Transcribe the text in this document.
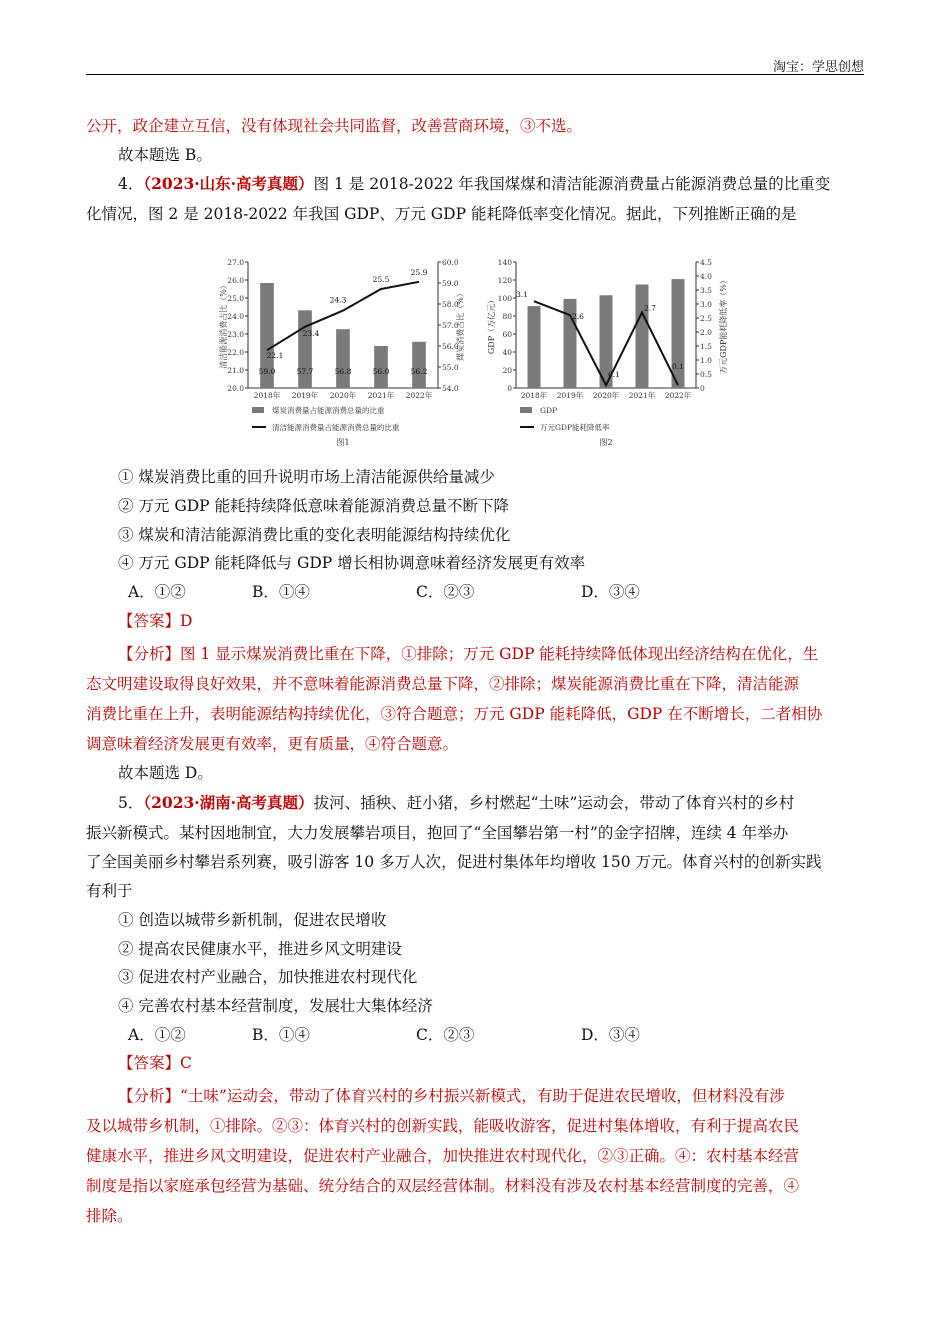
淘宝：学思创想
公开，政企建立互信，没有体现社会共同监督，改善营商环境，③不选。
故本题选 B。
4．（2023·山东·高考真题）图 1 是 2018-2022 年我国煤煤和清洁能源消费量占能源消费总量的比重变
化情况，图 2 是 2018-2022 年我国 GDP、万元 GDP 能耗降低率变化情况。据此，下列推断正确的是
20.0
21.0
22.0
23.0
24.0
25.0
26.0
27.0
54.0
55.0
56.0
57.0
58.0
59.0
60.0
清洁能源消费占比（%）	煤炭消费占比（%）
2018年 2019年 2020年 2021年 2022年
59.0	57.7	56.8	56.0	56.2
22.1
23.4
24.3
25.5
25.9
煤炭消费量占能源消费总量的比重
清洁能源消费量占能源消费总量的比重
图1
0
20
40
60
80
100
120
140
0
0.5
1.0
1.5
2.0
2.5
3.0
3.5
4.0
4.5
GDP（万亿元）	万元GDP能耗降低率（%）
2018年 2019年 2020年 2021年 2022年
3.1
2.6
0.1
2.7
0.1
GDP
万元GDP能耗降低率
图2
① 煤炭消费比重的回升说明市场上清洁能源供给量减少
② 万元 GDP 能耗持续降低意味着能源消费总量不断下降
③ 煤炭和清洁能源消费比重的变化表明能源结构持续优化
④ 万元 GDP 能耗降低与 GDP 增长相协调意味着经济发展更有效率
A．①②	B．①④	C．②③	D．③④
【答案】D
【分析】图 1 显示煤炭消费比重在下降，①排除；万元 GDP 能耗持续降低体现出经济结构在优化，生
态文明建设取得良好效果，并不意味着能源消费总量下降，②排除；煤炭能源消费比重在下降，清洁能源
消费比重在上升，表明能源结构持续优化，③符合题意；万元 GDP 能耗降低，GDP 在不断增长，二者相协
调意味着经济发展更有效率，更有质量，④符合题意。
故本题选 D。
5．（2023·湖南·高考真题）拔河、插秧、赶小猪，乡村燃起“土味”运动会，带动了体育兴村的乡村
振兴新模式。某村因地制宜，大力发展攀岩项目，抱回了“全国攀岩第一村”的金字招牌，连续 4 年举办
了全国美丽乡村攀岩系列赛，吸引游客 10 多万人次，促进村集体年均增收 150 万元。体育兴村的创新实践
有利于
① 创造以城带乡新机制，促进农民增收
② 提高农民健康水平，推进乡风文明建设
③ 促进农村产业融合，加快推进农村现代化
④ 完善农村基本经营制度，发展壮大集体经济
A．①②	B．①④	C．②③	D．③④
【答案】C
【分析】“土味”运动会，带动了体育兴村的乡村振兴新模式，有助于促进农民增收，但材料没有涉
及以城带乡机制，①排除。②③：体育兴村的创新实践，能吸收游客，促进村集体增收，有利于提高农民
健康水平，推进乡风文明建设，促进农村产业融合，加快推进农村现代化，②③正确。④：农村基本经营
制度是指以家庭承包经营为基础、统分结合的双层经营体制。材料没有涉及农村基本经营制度的完善，④
排除。
